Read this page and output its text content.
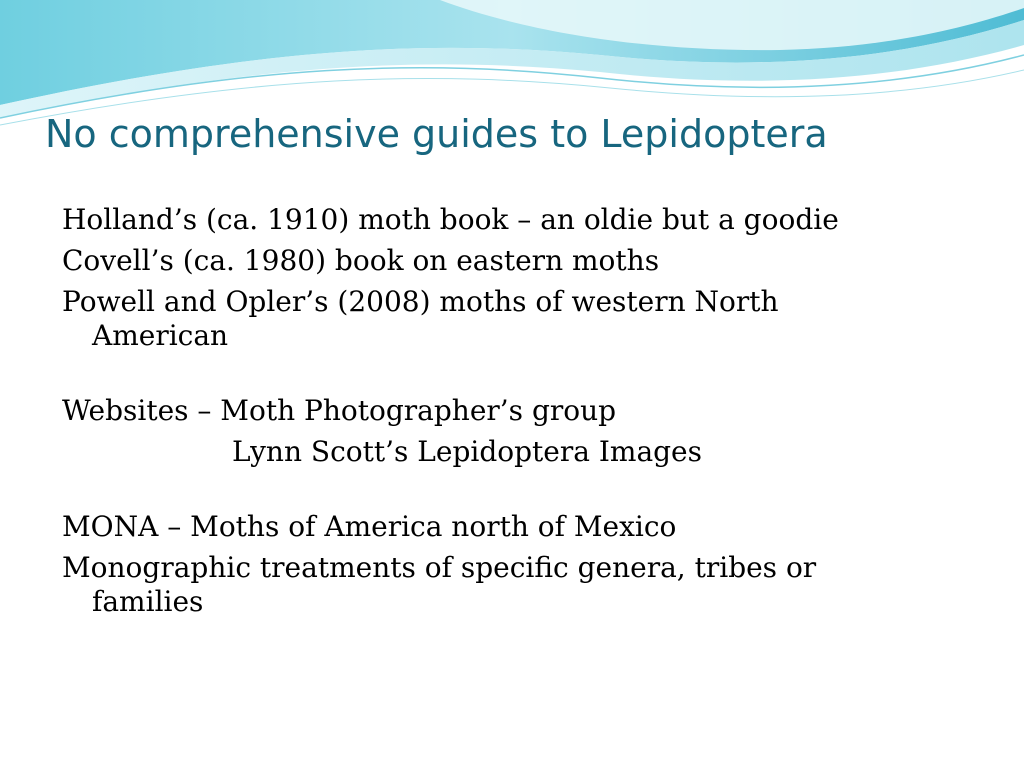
No comprehensive guides to Lepidoptera

Holland’s (ca. 1910) moth book – an oldie but a goodie

Covell’s (ca. 1980) book on eastern moths

Powell and Opler’s (2008) moths of western North American

Websites – Moth Photographer’s group

Lynn Scott’s Lepidoptera Images

MONA – Moths of America north of Mexico

Monographic treatments of specific genera, tribes or families
